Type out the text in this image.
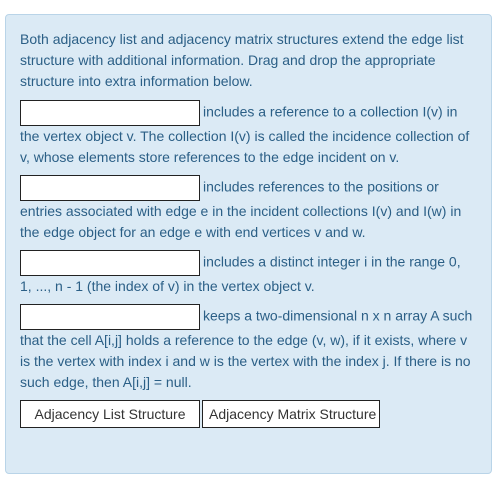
Both adjacency list and adjacency matrix structures extend the edge list structure with additional information. Drag and drop the appropriate structure into extra information below.

includes a reference to a collection I(v) in
the vertex object v. The collection I(v) is called the incidence collection of v, whose elements store references to the edge incident on v.
includes references to the positions or
entries associated with edge e in the incident collections I(v) and I(w) in the edge object for an edge e with end vertices v and w.
includes a distinct integer i in the range 0,
1, ..., n - 1 (the index of v) in the vertex object v.
keeps a two-dimensional n x n array A such
that the cell A[i,j] holds a reference to the edge (v, w), if it exists, where v is the vertex with index i and w is the vertex with the index j. If there is no such edge, then A[i,j] = null.
Adjacency List Structure Adjacency Matrix Structure
